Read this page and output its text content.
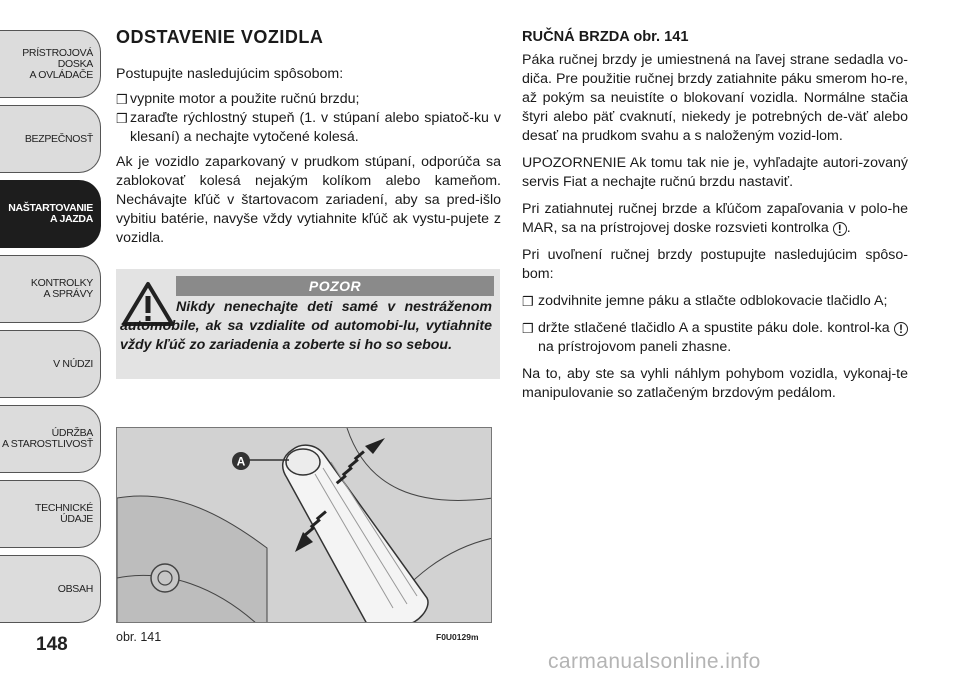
PRÍSTROJOVÁ
DOSKA
A OVLÁDAČE
BEZPEČNOSŤ
NAŠTARTOVANIE
A JAZDA
KONTROLKY
A SPRÁVY
V NÚDZI
ÚDRŽBA
A STAROSTLIVOSŤ
TECHNICKÉ ÚDAJE
OBSAH
148
ODSTAVENIE VOZIDLA
Postupujte nasledujúcim spôsobom:
❒ vypnite motor a použite ručnú brzdu;
❒ zaraďte rýchlostný stupeň (1. v stúpaní alebo spiatoč-ku v klesaní) a nechajte vytočené kolesá.
Ak je vozidlo zaparkovaný v prudkom stúpaní, odporúča sa zablokovať kolesá nejakým kolíkom alebo kameňom. Nechávajte kľúč v štartovacom zariadení, aby sa pred-išlo vybitiu batérie, navyše vždy vytiahnite kľúč ak vystu-pujete z vozidla.
POZOR
Nikdy nenechajte deti samé v nestráženom automobile, ak sa vzdialite od automobi-lu, vytiahnite vždy kľúč zo zariadenia a zoberte si ho so sebou.
A
obr. 141	F0U0129m
RUČNÁ BRZDA obr. 141
Páka ručnej brzdy je umiestnená na ľavej strane sedadla vo-diča. Pre použitie ručnej brzdy zatiahnite páku smerom ho-re, až pokým sa neuistíte o blokovaní vozidla. Normálne stačia štyri alebo päť cvaknutí, niekedy je potrebných de-väť alebo desať na prudkom svahu a s naloženým vozid-lom.
UPOZORNENIE Ak tomu tak nie je, vyhľadajte autori-zovaný servis Fiat a nechajte ručnú brzdu nastaviť.
Pri zatiahnutej ručnej brzde a kľúčom zapaľovania v polo-he MAR, sa na prístrojovej doske rozsvieti kontrolka ! .
Pri uvoľnení ručnej brzdy postupujte nasledujúcim spôso-bom:
❒ zodvihnite jemne páku a stlačte odblokovacie tlačidlo A;
❒ držte stlačené tlačidlo A a spustite páku dole. kontrol-ka ! na prístrojovom paneli zhasne.
Na to, aby ste sa vyhli náhlym pohybom vozidla, vykonaj-te manipulovanie so zatlačeným brzdovým pedálom.
carmanualsonline.info
